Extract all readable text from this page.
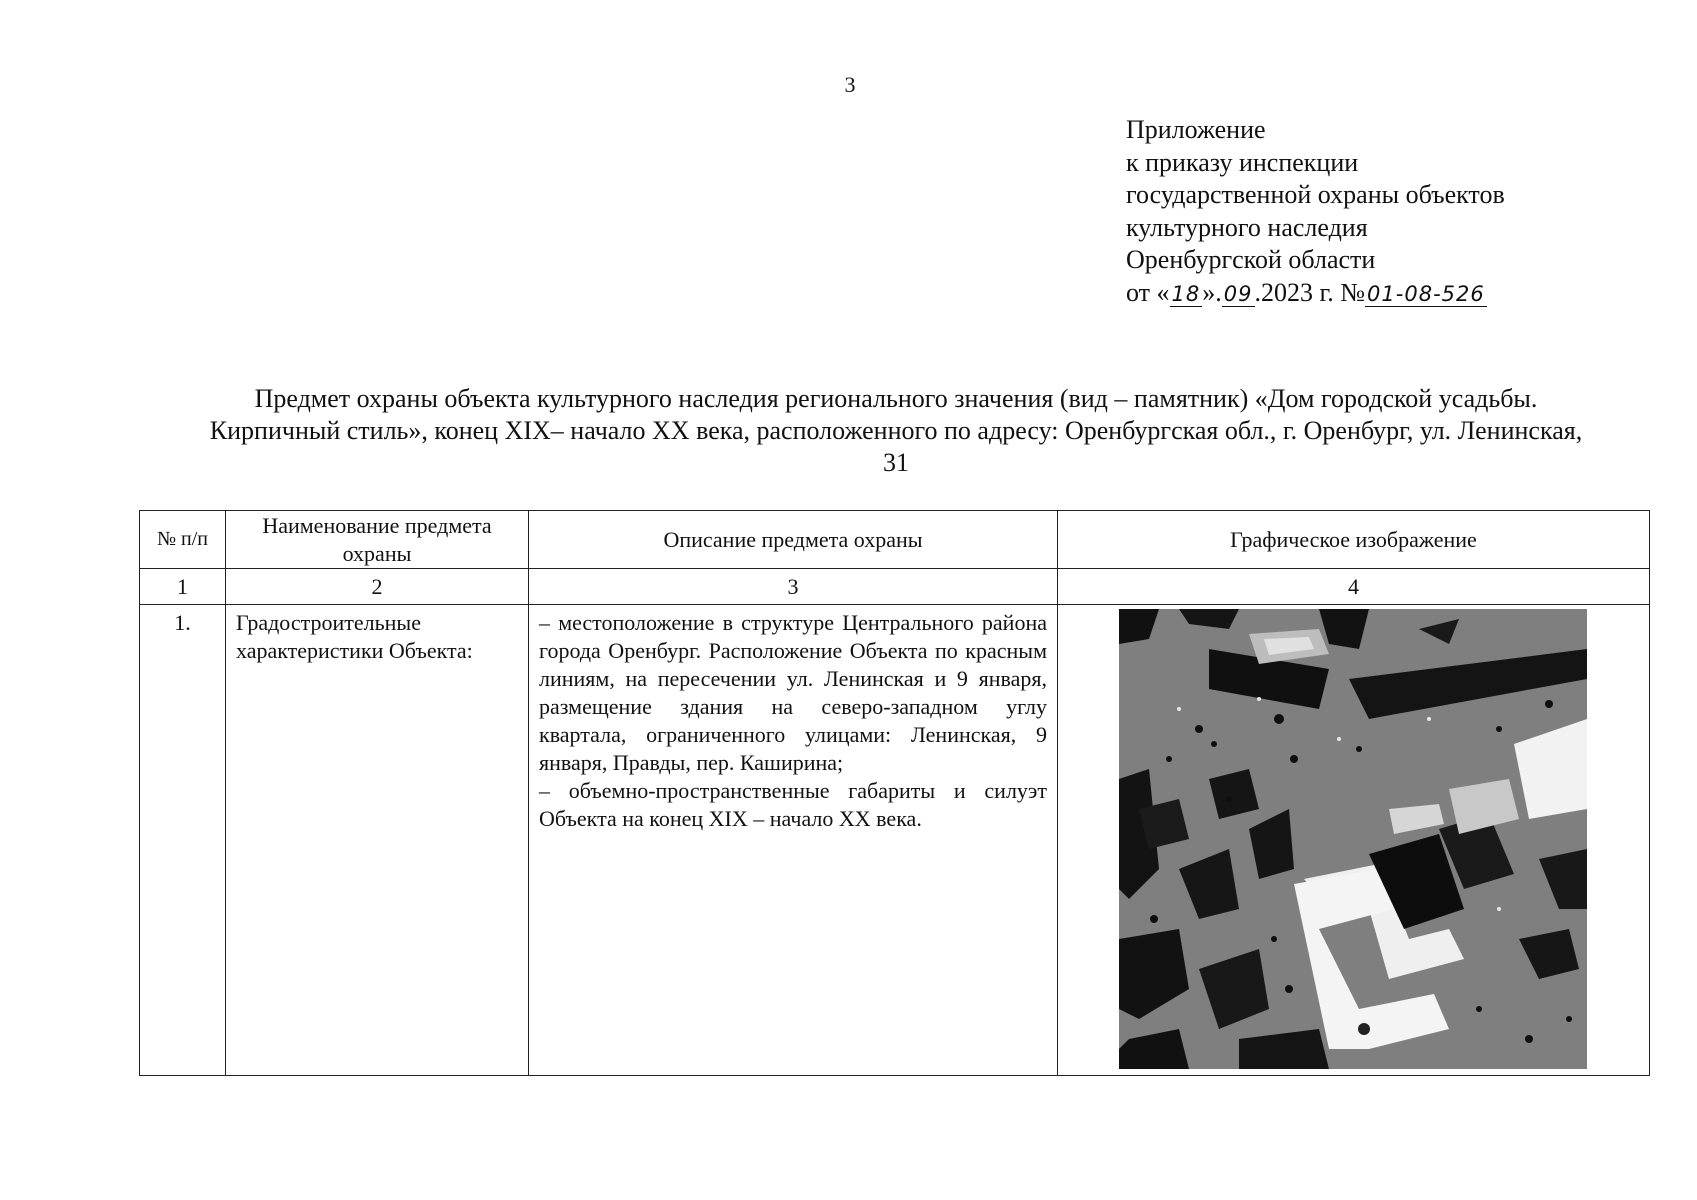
3
Приложение
к приказу инспекции
государственной охраны объектов
культурного наследия
Оренбургской области
от «18».09.2023 г. №01-08-526
Предмет охраны объекта культурного наследия регионального значения (вид – памятник) «Дом городской усадьбы. Кирпичный стиль», конец XIX– начало XX века, расположенного по адресу: Оренбургская обл., г. Оренбург, ул. Ленинская, 31
№ п/п	Наименование предмета охраны	Описание предмета охраны	Графическое изображение
1	2	3	4
1.	Градостроительные характеристики Объекта:	– местоположение в структуре Центрального района города Оренбург. Расположение Объекта по красным линиям, на пересечении ул. Ленинская и 9 января, размещение здания на северо-западном углу квартала, ограниченного улицами: Ленинская, 9 января, Правды, пер. Каширина;

– объемно-пространственные габариты и силуэт Объекта на конец XIX – начало XX века.
